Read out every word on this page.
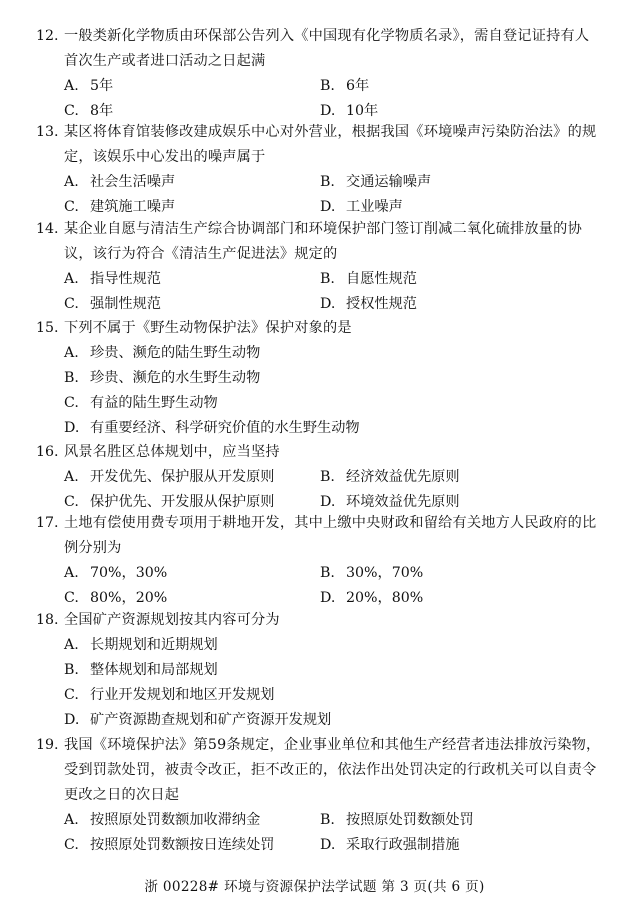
12. 一般类新化学物质由环保部公告列入《中国现有化学物质名录》，需自登记证持有人首次生产或者进口活动之日起满
A. 5年	B. 6年
C. 8年	D. 10年
13. 某区将体育馆装修改建成娱乐中心对外营业，根据我国《环境噪声污染防治法》的规定，该娱乐中心发出的噪声属于
A. 社会生活噪声	B. 交通运输噪声
C. 建筑施工噪声	D. 工业噪声
14. 某企业自愿与清洁生产综合协调部门和环境保护部门签订削减二氧化硫排放量的协议，该行为符合《清洁生产促进法》规定的
A. 指导性规范	B. 自愿性规范
C. 强制性规范	D. 授权性规范
15. 下列不属于《野生动物保护法》保护对象的是
A. 珍贵、濒危的陆生野生动物
B. 珍贵、濒危的水生野生动物
C. 有益的陆生野生动物
D. 有重要经济、科学研究价值的水生野生动物
16. 风景名胜区总体规划中，应当坚持
A. 开发优先、保护服从开发原则	B. 经济效益优先原则
C. 保护优先、开发服从保护原则	D. 环境效益优先原则
17. 土地有偿使用费专项用于耕地开发，其中上缴中央财政和留给有关地方人民政府的比例分别为
A. 70%，30%	B. 30%，70%
C. 80%，20%	D. 20%，80%
18. 全国矿产资源规划按其内容可分为
A. 长期规划和近期规划
B. 整体规划和局部规划
C. 行业开发规划和地区开发规划
D. 矿产资源勘查规划和矿产资源开发规划
19. 我国《环境保护法》第59条规定，企业事业单位和其他生产经营者违法排放污染物，受到罚款处罚，被责令改正，拒不改正的，依法作出处罚决定的行政机关可以自责令更改之日的次日起
A. 按照原处罚数额加收滞纳金	B. 按照原处罚数额处罚
C. 按照原处罚数额按日连续处罚	D. 采取行政强制措施
浙 00228# 环境与资源保护法学试题 第 3 页(共 6 页)
